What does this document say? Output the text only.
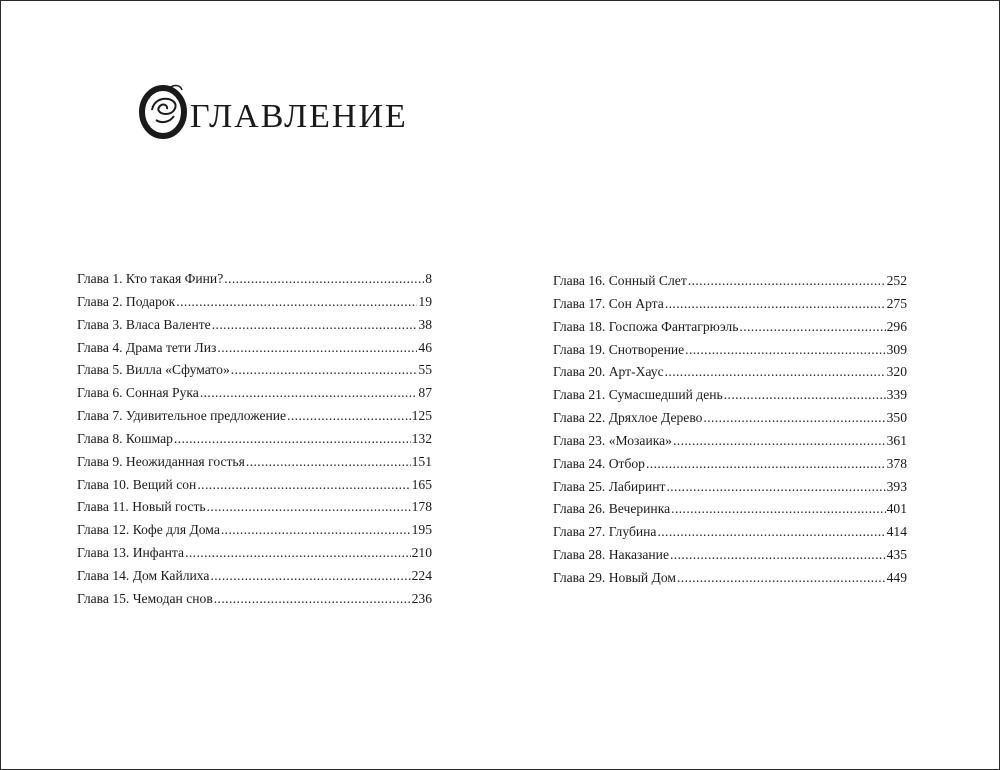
ГЛАВЛЕНИЕ
Глава 1. Кто такая Фини? .....	8
Глава 2. Подарок .....	19
Глава 3. Власа Валенте .....	38
Глава 4. Драма тети Лиз .....	46
Глава 5. Вилла «Сфумато» .....	55
Глава 6. Сонная Рука .....	87
Глава 7. Удивительное предложение .....	125
Глава 8. Кошмар .....	132
Глава 9. Неожиданная гостья .....	151
Глава 10. Вещий сон .....	165
Глава 11. Новый гость .....	178
Глава 12. Кофе для Дома .....	195
Глава 13. Инфанта .....	210
Глава 14. Дом Кайлиха .....	224
Глава 15. Чемодан снов .....	236
Глава 16. Сонный Слет .....	252
Глава 17. Сон Арта .....	275
Глава 18. Госпожа Фантагрюэль .....	296
Глава 19. Снотворение .....	309
Глава 20. Арт-Хаус .....	320
Глава 21. Сумасшедший день .....	339
Глава 22. Дряхлое Дерево .....	350
Глава 23. «Мозаика» .....	361
Глава 24. Отбор .....	378
Глава 25. Лабиринт .....	393
Глава 26. Вечеринка .....	401
Глава 27. Глубина .....	414
Глава 28. Наказание .....	435
Глава 29. Новый Дом .....	449
